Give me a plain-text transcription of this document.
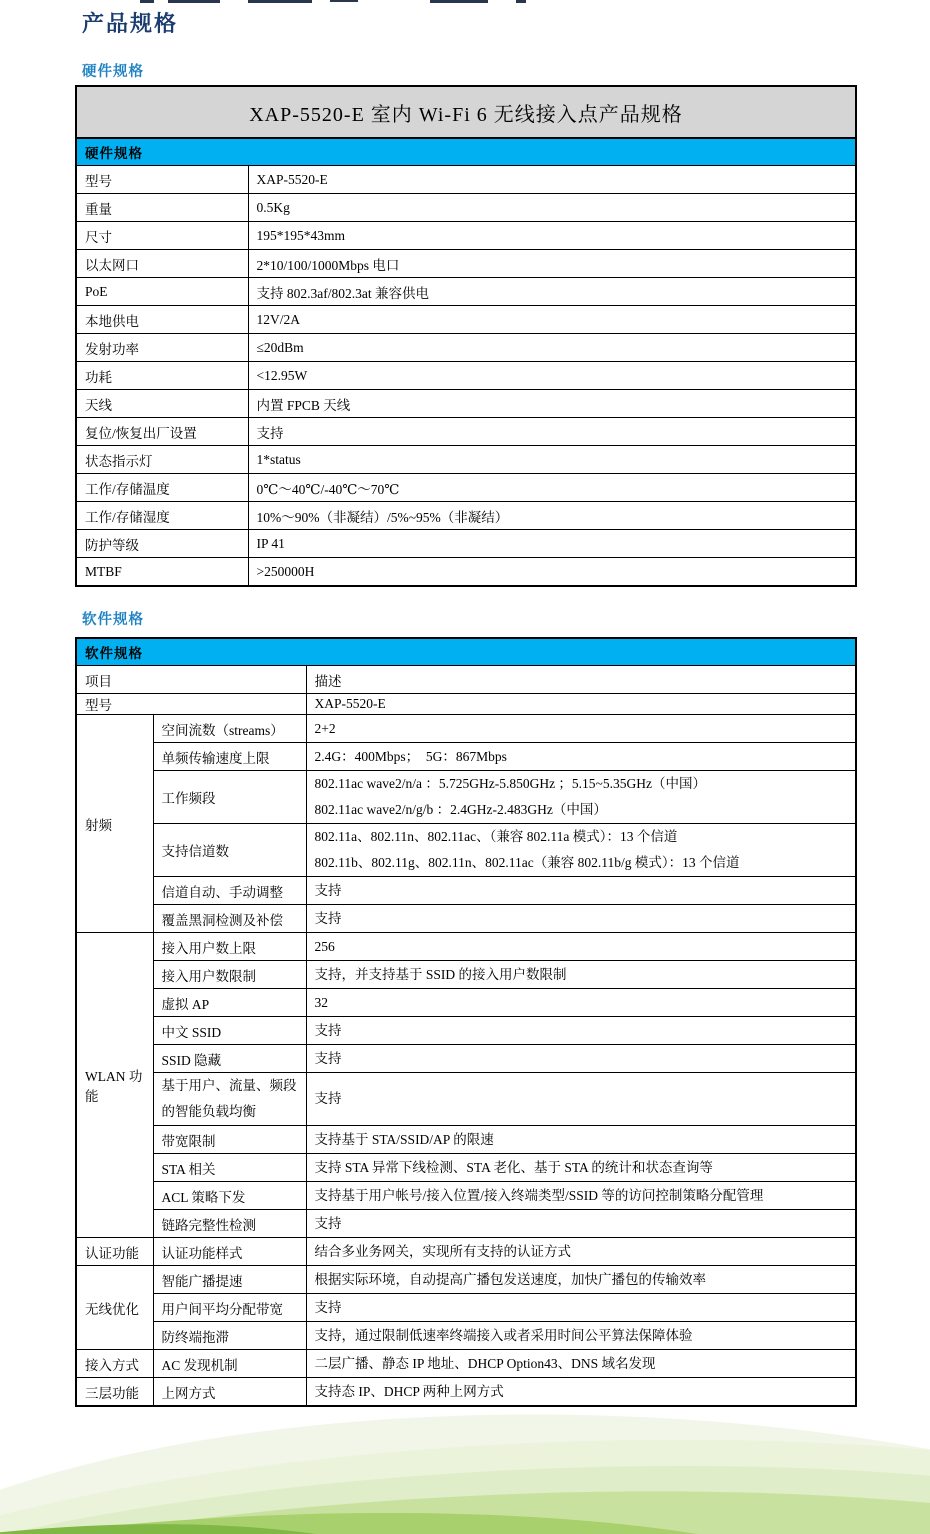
产品规格
硬件规格
XAP-5520-E 室内 Wi-Fi 6 无线接入点产品规格	
硬件规格	
型号	XAP-5520-E
重量	0.5Kg
尺寸	195*195*43mm
以太网口	2*10/100/1000Mbps 电口
PoE	支持 802.3af/802.3at 兼容供电
本地供电	12V/2A
发射功率	≤20dBm
功耗	<12.95W
天线	内置 FPCB 天线
复位/恢复出厂设置	支持
状态指示灯	1*status
工作/存储温度	0℃～40℃/-40℃～70℃
工作/存储湿度	10%～90%（非凝结）/5%~95%（非凝结）
防护等级	IP 41
MTBF	>250000H
软件规格
软件规格		
项目		描述
型号		XAP-5520-E
射频	空间流数（streams）	2+2

	单频传输速度上限	2.4G：400Mbps；  5G：867Mbps

	工作频段	802.11ac wave2/n/a ：5.725GHz-5.850GHz ；5.15~5.35GHz（中国）
802.11ac wave2/n/g/b ：2.4GHz-2.483GHz（中国）

	支持信道数	802.11a、802.11n、802.11ac、（兼容 802.11a 模式）：13 个信道
802.11b、802.11g、802.11n、802.11ac（兼容 802.11b/g 模式）：13 个信道

	信道自动、手动调整	支持

	覆盖黑洞检测及补偿	支持

WLAN 功能	接入用户数上限	256

	接入用户数限制	支持，并支持基于 SSID 的接入用户数限制

	虚拟 AP	32

	中文 SSID	支持

	SSID 隐藏	支持

	基于用户、流量、频段
的智能负载均衡	支持

	带宽限制	支持基于 STA/SSID/AP 的限速

	STA 相关	支持 STA 异常下线检测、STA 老化、基于 STA 的统计和状态查询等

	ACL 策略下发	支持基于用户帐号/接入位置/接入终端类型/SSID 等的访问控制策略分配管理

	链路完整性检测	支持

认证功能	认证功能样式	结合多业务网关，实现所有支持的认证方式

无线优化	智能广播提速	根据实际环境，自动提高广播包发送速度，加快广播包的传输效率

	用户间平均分配带宽	支持

	防终端拖滞	支持，通过限制低速率终端接入或者采用时间公平算法保障体验

接入方式	AC 发现机制	二层广播、静态 IP 地址、DHCP Option43、DNS 域名发现

三层功能	上网方式	支持态 IP、DHCP 两种上网方式
